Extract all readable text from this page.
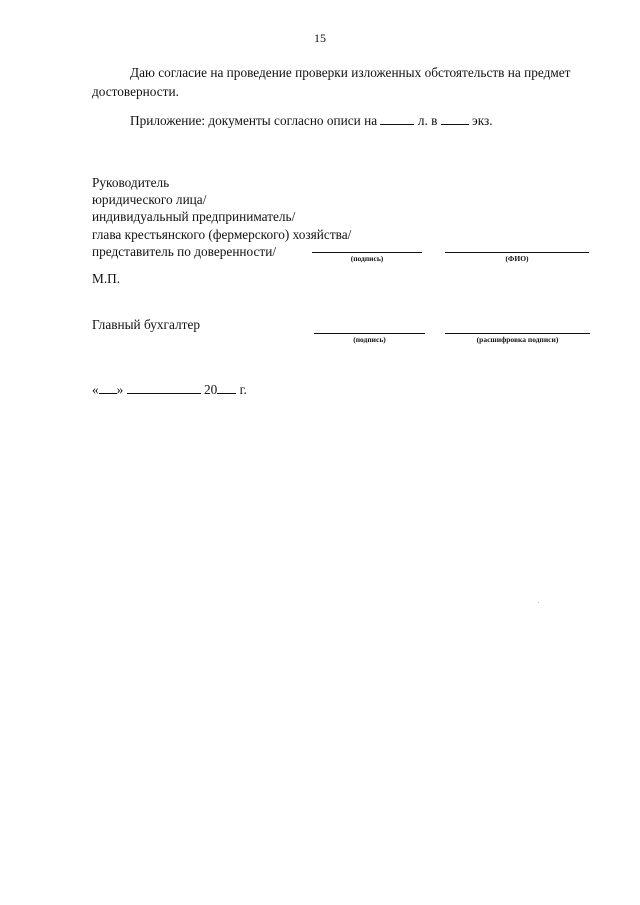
15

Даю согласие на проведение проверки изложенных обстоятельств на предмет достоверности.

Приложение: документы согласно описи на	л. в	экз.

Руководитель
юридического лица/
индивидуальный предприниматель/
глава крестьянского (фермерского) хозяйства/
представитель по доверенности/	(подпись)	(ФИО)
М.П.
Главный бухгалтер
(подпись)	(расшифровка подписи)
« »	20 г.
